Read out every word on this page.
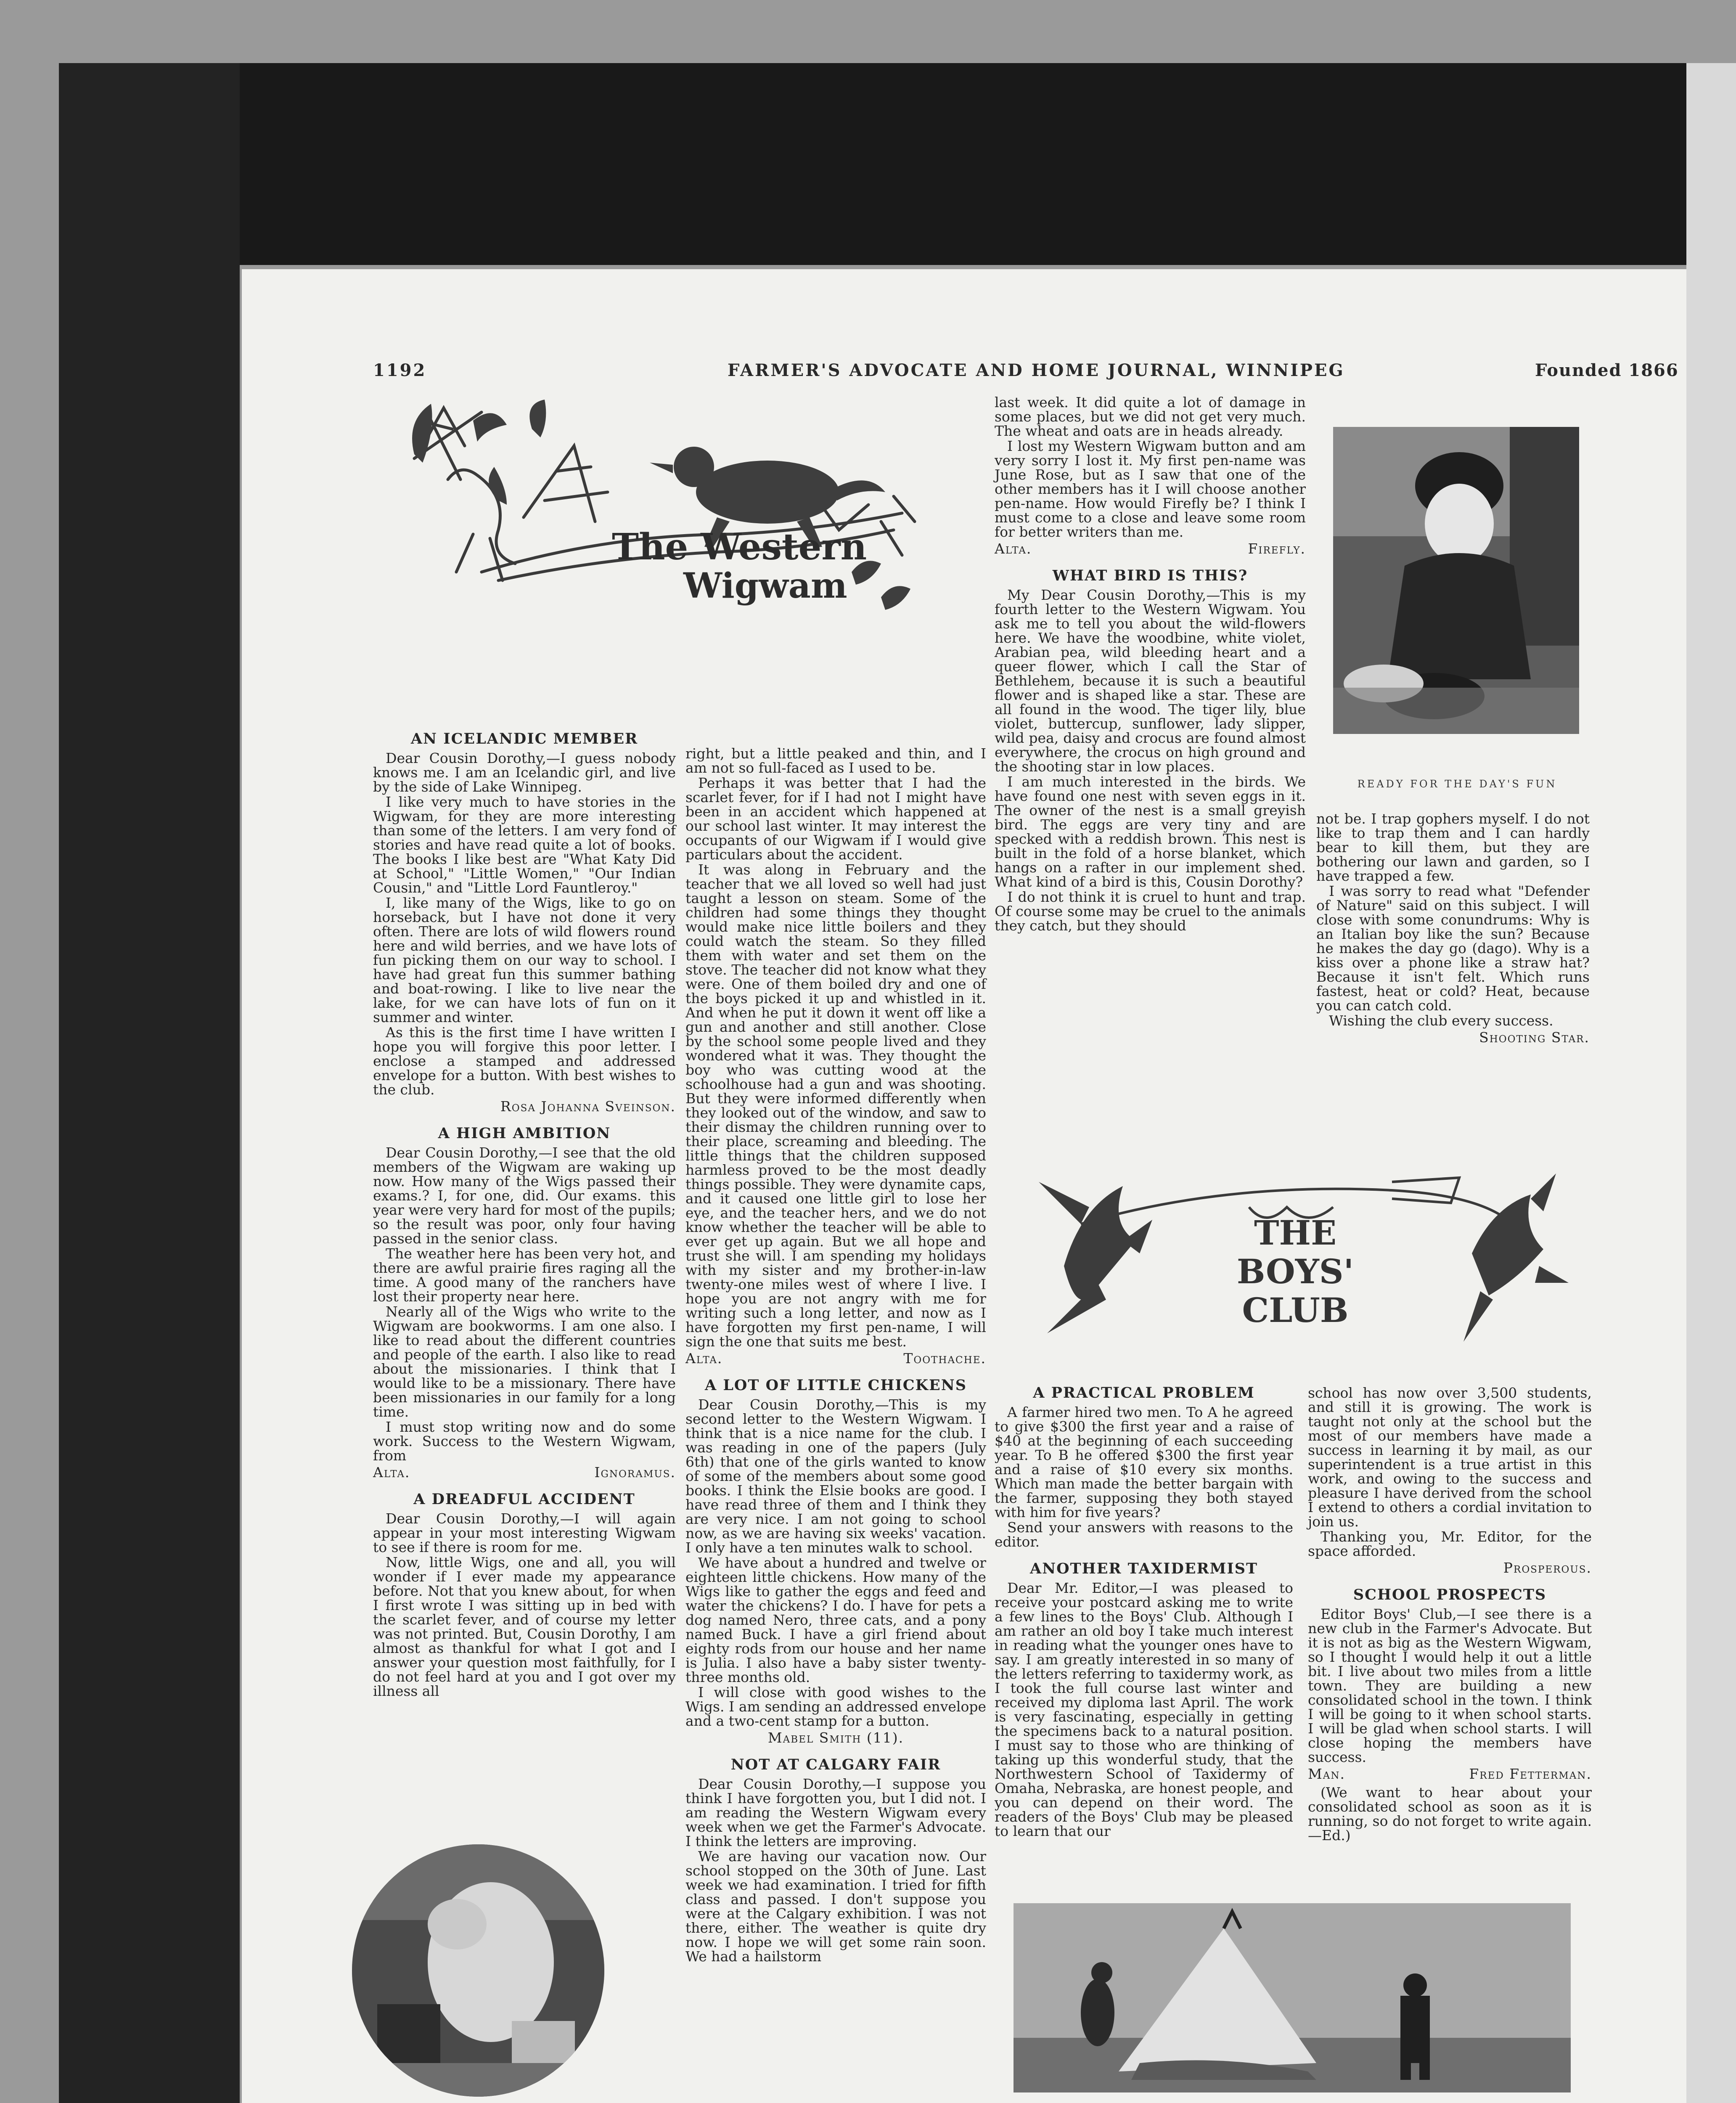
1192	FARMER'S ADVOCATE AND HOME JOURNAL, WINNIPEG	Founded 1866
The Western
Wigwam
READY FOR THE DAY'S FUN
AN ICELANDIC MEMBER

Dear Cousin Dorothy,—I guess nobody knows me. I am an Icelandic girl, and live by the side of Lake Winnipeg.

I like very much to have stories in the Wigwam, for they are more interesting than some of the letters. I am very fond of stories and have read quite a lot of books. The books I like best are "What Katy Did at School," "Little Women," "Our Indian Cousin," and "Little Lord Fauntleroy."

I, like many of the Wigs, like to go on horseback, but I have not done it very often. There are lots of wild flowers round here and wild berries, and we have lots of fun picking them on our way to school. I have had great fun this summer bathing and boat-rowing. I like to live near the lake, for we can have lots of fun on it summer and winter.

As this is the first time I have written I hope you will forgive this poor letter. I enclose a stamped and addressed envelope for a button. With best wishes to the club.

Rosa Johanna Sveinson.
A HIGH AMBITION

Dear Cousin Dorothy,—I see that the old members of the Wigwam are waking up now. How many of the Wigs passed their exams.? I, for one, did. Our exams. this year were very hard for most of the pupils; so the result was poor, only four having passed in the senior class.

The weather here has been very hot, and there are awful prairie fires raging all the time. A good many of the ranchers have lost their property near here.

Nearly all of the Wigs who write to the Wigwam are bookworms. I am one also. I like to read about the different countries and people of the earth. I also like to read about the missionaries. I think that I would like to be a missionary. There have been missionaries in our family for a long time.

I must stop writing now and do some work. Success to the Western Wigwam, from

Alta.	Ignoramus.
A DREADFUL ACCIDENT

Dear Cousin Dorothy,—I will again appear in your most interesting Wigwam to see if there is room for me.

Now, little Wigs, one and all, you will wonder if I ever made my appearance before. Not that you knew about, for when I first wrote I was sitting up in bed with the scarlet fever, and of course my letter was not printed. But, Cousin Dorothy, I am almost as thankful for what I got and I answer your question most faithfully, for I do not feel hard at you and I got over my illness all

right, but a little peaked and thin, and I am not so full-faced as I used to be.

Perhaps it was better that I had the scarlet fever, for if I had not I might have been in an accident which happened at our school last winter. It may interest the occupants of our Wigwam if I would give particulars about the accident.

It was along in February and the teacher that we all loved so well had just taught a lesson on steam. Some of the children had some things they thought would make nice little boilers and they could watch the steam. So they filled them with water and set them on the stove. The teacher did not know what they were. One of them boiled dry and one of the boys picked it up and whistled in it. And when he put it down it went off like a gun and another and still another. Close by the school some people lived and they wondered what it was. They thought the boy who was cutting wood at the schoolhouse had a gun and was shooting. But they were informed differently when they looked out of the window, and saw to their dismay the children running over to their place, screaming and bleeding. The little things that the children supposed harmless proved to be the most deadly things possible. They were dynamite caps, and it caused one little girl to lose her eye, and the teacher hers, and we do not know whether the teacher will be able to ever get up again. But we all hope and trust she will. I am spending my holidays with my sister and my brother-in-law twenty-one miles west of where I live. I hope you are not angry with me for writing such a long letter, and now as I have forgotten my first pen-name, I will sign the one that suits me best.

Alta.	Toothache.
A LOT OF LITTLE CHICKENS

Dear Cousin Dorothy,—This is my second letter to the Western Wigwam. I think that is a nice name for the club. I was reading in one of the papers (July 6th) that one of the girls wanted to know of some of the members about some good books. I think the Elsie books are good. I have read three of them and I think they are very nice. I am not going to school now, as we are having six weeks' vacation. I only have a ten minutes walk to school.

We have about a hundred and twelve or eighteen little chickens. How many of the Wigs like to gather the eggs and feed and water the chickens? I do. I have for pets a dog named Nero, three cats, and a pony named Buck. I have a girl friend about eighty rods from our house and her name is Julia. I also have a baby sister twenty-three months old.

I will close with good wishes to the Wigs. I am sending an addressed envelope and a two-cent stamp for a button.

Mabel Smith (11).
NOT AT CALGARY FAIR

Dear Cousin Dorothy,—I suppose you think I have forgotten you, but I did not. I am reading the Western Wigwam every week when we get the Farmer's Advocate. I think the letters are improving.

We are having our vacation now. Our school stopped on the 30th of June. Last week we had examination. I tried for fifth class and passed. I don't suppose you were at the Calgary exhibition. I was not there, either. The weather is quite dry now. I hope we will get some rain soon. We had a hailstorm

last week. It did quite a lot of damage in some places, but we did not get very much. The wheat and oats are in heads already.

I lost my Western Wigwam button and am very sorry I lost it. My first pen-name was June Rose, but as I saw that one of the other members has it I will choose another pen-name. How would Firefly be? I think I must come to a close and leave some room for better writers than me.

Alta.	Firefly.
WHAT BIRD IS THIS?

My Dear Cousin Dorothy,—This is my fourth letter to the Western Wigwam. You ask me to tell you about the wild-flowers here. We have the woodbine, white violet, Arabian pea, wild bleeding heart and a queer flower, which I call the Star of Bethlehem, because it is such a beautiful flower and is shaped like a star. These are all found in the wood. The tiger lily, blue violet, buttercup, sunflower, lady slipper, wild pea, daisy and crocus are found almost everywhere, the crocus on high ground and the shooting star in low places.

I am much interested in the birds. We have found one nest with seven eggs in it. The owner of the nest is a small greyish bird. The eggs are very tiny and are specked with a reddish brown. This nest is built in the fold of a horse blanket, which hangs on a rafter in our implement shed. What kind of a bird is this, Cousin Dorothy?

I do not think it is cruel to hunt and trap. Of course some may be cruel to the animals they catch, but they should

not be. I trap gophers myself. I do not like to trap them and I can hardly bear to kill them, but they are bothering our lawn and garden, so I have trapped a few.

I was sorry to read what "Defender of Nature" said on this subject. I will close with some conundrums: Why is an Italian boy like the sun? Because he makes the day go (dago). Why is a kiss over a phone like a straw hat? Because it isn't felt. Which runs fastest, heat or cold? Heat, because you can catch cold.

Wishing the club every success.

Shooting Star.
THE
BOYS'
CLUB
A PRACTICAL PROBLEM

A farmer hired two men. To A he agreed to give $300 the first year and a raise of $40 at the beginning of each succeeding year. To B he offered $300 the first year and a raise of $10 every six months. Which man made the better bargain with the farmer, supposing they both stayed with him for five years?

Send your answers with reasons to the editor.

ANOTHER TAXIDERMIST

Dear Mr. Editor,—I was pleased to receive your postcard asking me to write a few lines to the Boys' Club. Although I am rather an old boy I take much interest in reading what the younger ones have to say. I am greatly interested in so many of the letters referring to taxidermy work, as I took the full course last winter and received my diploma last April. The work is very fascinating, especially in getting the specimens back to a natural position. I must say to those who are thinking of taking up this wonderful study, that the Northwestern School of Taxidermy of Omaha, Nebraska, are honest people, and you can depend on their word. The readers of the Boys' Club may be pleased to learn that our

school has now over 3,500 students, and still it is growing. The work is taught not only at the school but the most of our members have made a success in learning it by mail, as our superintendent is a true artist in this work, and owing to the success and pleasure I have derived from the school I extend to others a cordial invitation to join us.

Thanking you, Mr. Editor, for the space afforded.

Prosperous.
SCHOOL PROSPECTS

Editor Boys' Club,—I see there is a new club in the Farmer's Advocate. But it is not as big as the Western Wigwam, so I thought I would help it out a little bit. I live about two miles from a little town. They are building a new consolidated school in the town. I think I will be going to it when school starts. I will be glad when school starts. I will close hoping the members have success.

Man.	Fred Fetterman.

(We want to hear about your consolidated school as soon as it is running, so do not forget to write again.—Ed.)
